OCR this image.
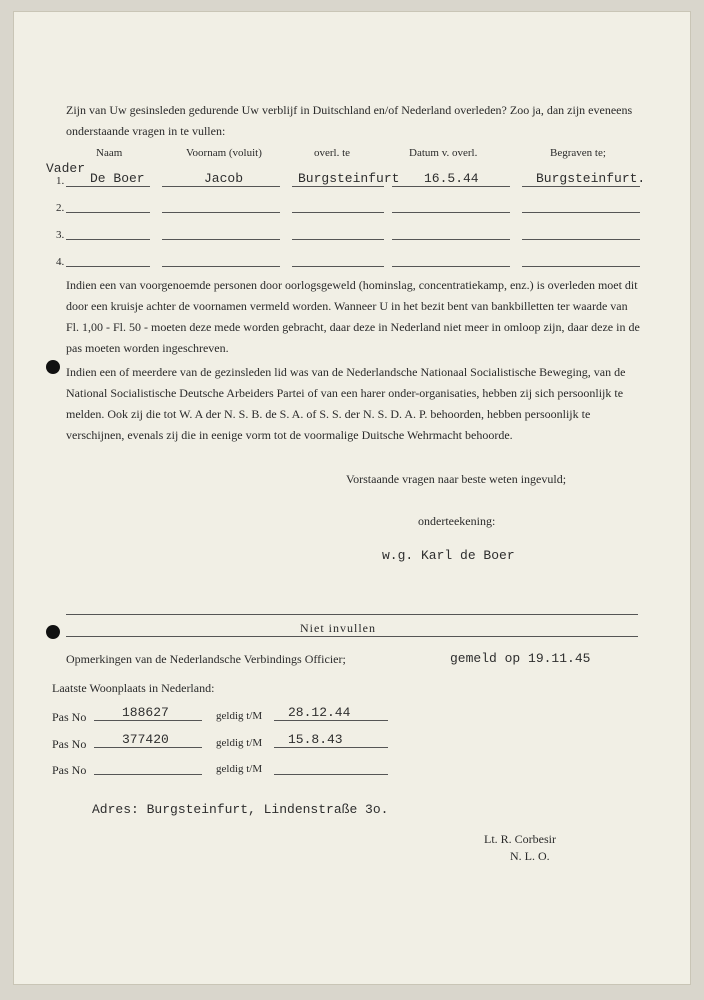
Zijn van Uw gesinsleden gedurende Uw verblijf in Duitschland en/of Nederland overleden? Zoo ja, dan zijn eveneens onderstaande vragen in te vullen:
Naam	Voornam (voluit)	overl. te	Datum v. overl.	Begraven te;
Vader
1. De Boer	Jacob	Burgsteinfurt 16.5.44	Burgsteinfurt.
2.
3.
4.
Indien een van voorgenoemde personen door oorlogsgeweld (hominslag, concentratiekamp, enz.) is overleden moet dit door een kruisje achter de voornamen vermeld worden. Wanneer U in het bezit bent van bankbilletten ter waarde van Fl. 1,00 - Fl. 50 - moeten deze mede worden gebracht, daar deze in Nederland niet meer in omloop zijn, daar deze in de pas moeten worden ingeschreven.
Indien een of meerdere van de gezinsleden lid was van de Nederlandsche Nationaal Socialistische Beweging, van de National Socialistische Deutsche Arbeiders Partei of van een harer onder-organisaties, hebben zij sich persoonlijk te melden. Ook zij die tot W. A der N. S. B. de S. A. of S. S. der N. S. D. A. P. behoorden, hebben persoonlijk te verschijnen, evenals zij die in eenige vorm tot de voormalige Duitsche Wehrmacht behoorde.
Vorstaande vragen naar beste weten ingevuld;
onderteekening:
w.g. Karl de Boer
Niet invullen
Opmerkingen van de Nederlandsche Verbindings Officier;	gemeld op 19.11.45
Laatste Woonplaats in Nederland:
Pas No	188627	geldig t/M 28.12.44
Pas No	377420	geldig t/M 15.8.43
Pas No	geldig t/M
Adres: Burgsteinfurt, Lindenstraße 3o.
Lt. R. Corbesir
N. L. O.
